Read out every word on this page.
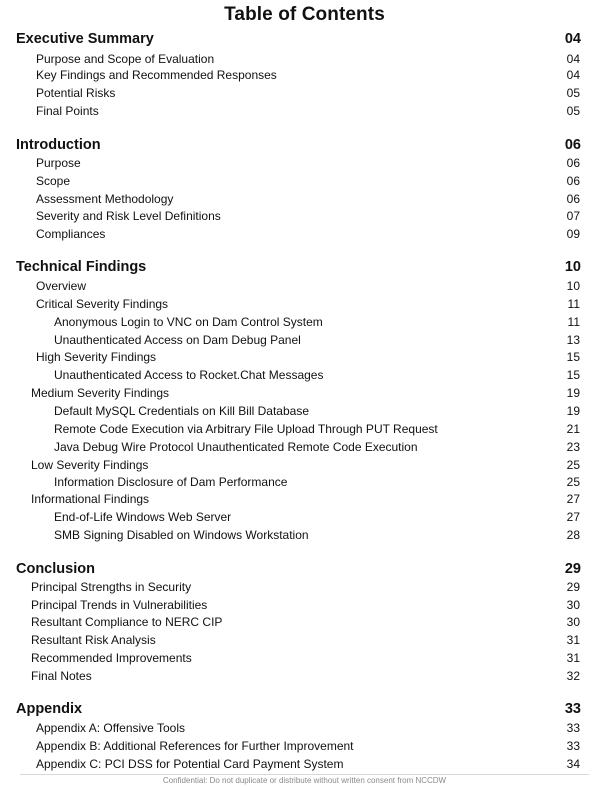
Table of Contents
Executive Summary	04
Purpose and Scope of Evaluation	04
Key Findings and Recommended Responses	04
Potential Risks	05
Final Points	05
Introduction	06
Purpose	06
Scope	06
Assessment Methodology	06
Severity and Risk Level Definitions	07
Compliances	09
Technical Findings	10
Overview	10
Critical Severity Findings	11
Anonymous Login to VNC on Dam Control System	11
Unauthenticated Access on Dam Debug Panel	13
High Severity Findings	15
Unauthenticated Access to Rocket.Chat Messages	15
Medium Severity Findings	19
Default MySQL Credentials on Kill Bill Database	19
Remote Code Execution via Arbitrary File Upload Through PUT Request	21
Java Debug Wire Protocol Unauthenticated Remote Code Execution	23
Low Severity Findings	25
Information Disclosure of Dam Performance	25
Informational Findings	27
End-of-Life Windows Web Server	27
SMB Signing Disabled on Windows Workstation	28
Conclusion	29
Principal Strengths in Security	29
Principal Trends in Vulnerabilities	30
Resultant Compliance to NERC CIP	30
Resultant Risk Analysis	31
Recommended Improvements	31
Final Notes	32
Appendix	33
Appendix A: Offensive Tools	33
Appendix B: Additional References for Further Improvement	33
Appendix C: PCI DSS for Potential Card Payment System	34
Confidential: Do not duplicate or distribute without written consent from NCCDW
